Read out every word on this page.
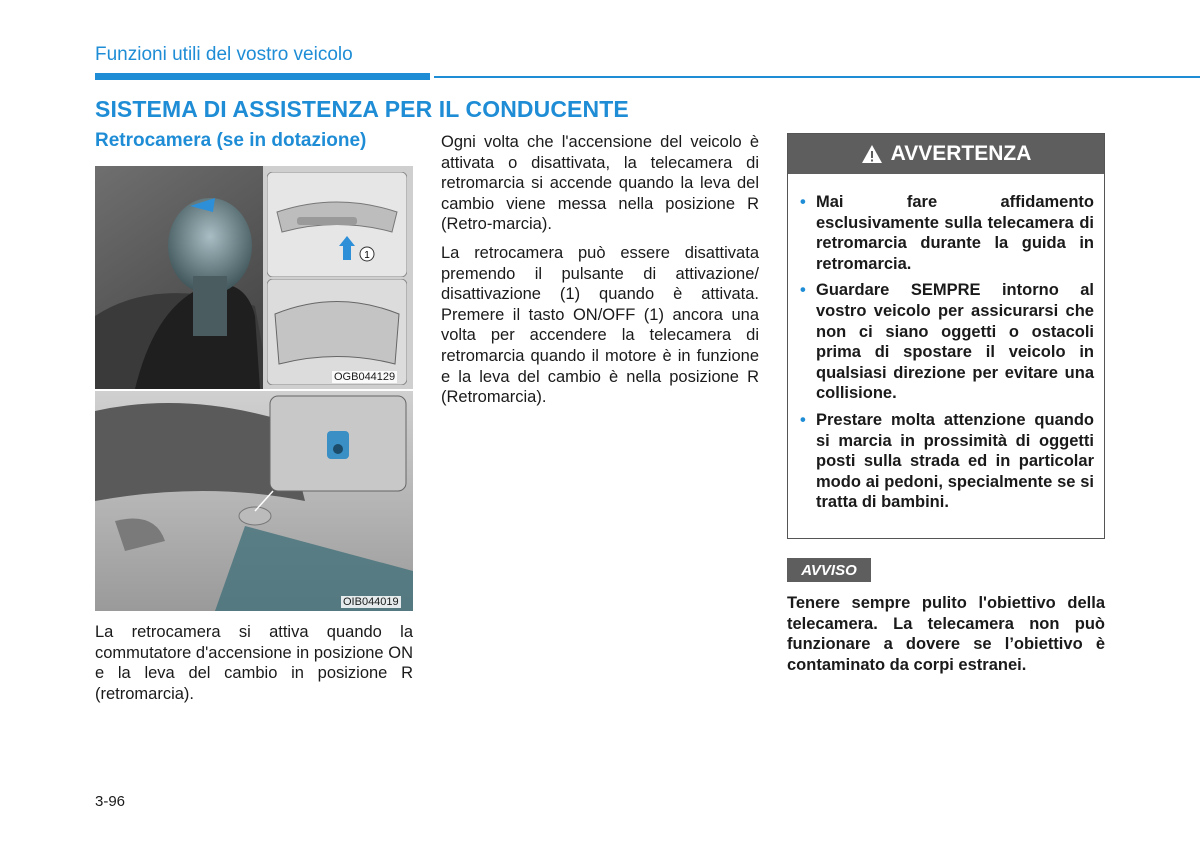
Funzioni utili del vostro veicolo
SISTEMA DI ASSISTENZA PER IL CONDUCENTE
Retrocamera (se in dotazione)
1
OGB044129
OIB044019
La retrocamera si attiva quando la commutatore d'accensione in posizione ON e la leva del cambio in posizione R (retromarcia).

Ogni volta che l'accensione del veicolo è attivata o disattivata, la telecamera di retromarcia si accende quando la leva del cambio viene messa nella posizione R (Retro-marcia).

La retrocamera può essere disattivata premendo il pulsante di attivazione/ disattivazione (1) quando è attivata. Premere il tasto ON/OFF (1) ancora una volta per accendere la telecamera di retromarcia quando il motore è in funzione e la leva del cambio è nella posizione R (Retromarcia).

AVVERTENZA
• Mai fare affidamento esclusivamente sulla telecamera di retromarcia durante la guida in retromarcia.
• Guardare SEMPRE intorno al vostro veicolo per assicurarsi che non ci siano oggetti o ostacoli prima di spostare il veicolo in qualsiasi direzione per evitare una collisione.
• Prestare molta attenzione quando si marcia in prossimità di oggetti posti sulla strada ed in particolar modo ai pedoni, specialmente se si tratta di bambini.
AVVISO
Tenere sempre pulito l'obiettivo della telecamera. La telecamera non può funzionare a dovere se l’obiettivo è contaminato da corpi estranei.
3-96
